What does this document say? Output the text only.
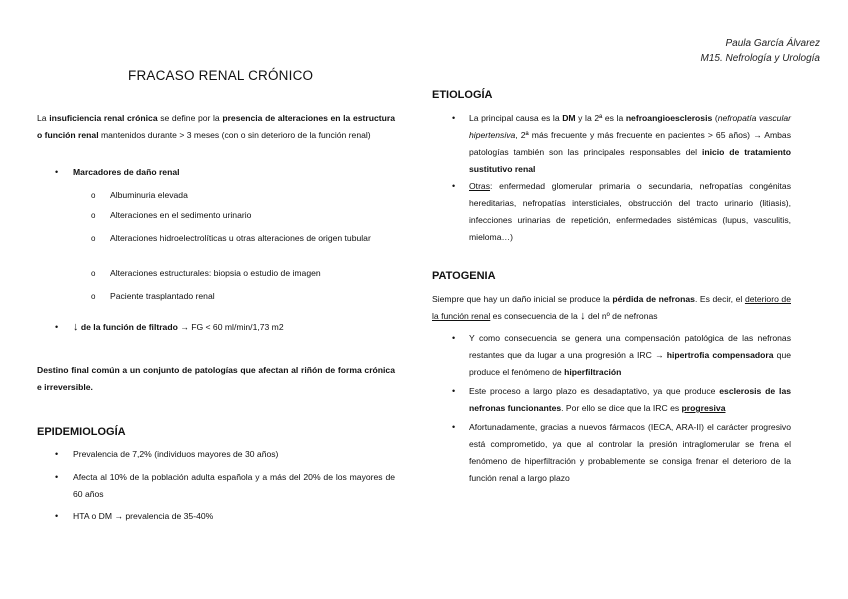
Paula García Álvarez
M15. Nefrología y Urología
FRACASO RENAL CRÓNICO
La insuficiencia renal crónica se define por la presencia de alteraciones en la estructura o función renal mantenidos durante > 3 meses (con o sin deterioro de la función renal)
• Marcadores de daño renal
o Albuminuria elevada
o Alteraciones en el sedimento urinario
o Alteraciones hidroelectrolíticas u otras alteraciones de origen tubular
o Alteraciones estructurales: biopsia o estudio de imagen
o Paciente trasplantado renal
• ↓ de la función de filtrado → FG < 60 ml/min/1,73 m2
Destino final común a un conjunto de patologías que afectan al riñón de forma crónica e irreversible.
EPIDEMIOLOGÍA
• Prevalencia de 7,2% (individuos mayores de 30 años)
• Afecta al 10% de la población adulta española y a más del 20% de los mayores de 60 años
• HTA o DM → prevalencia de 35-40%
ETIOLOGÍA
• La principal causa es la DM y la 2ª es la nefroangioesclerosis (nefropatía vascular hipertensiva, 2ª más frecuente y más frecuente en pacientes > 65 años) → Ambas patologías también son las principales responsables del inicio de tratamiento sustitutivo renal
• Otras: enfermedad glomerular primaria o secundaria, nefropatías congénitas hereditarias, nefropatías intersticiales, obstrucción del tracto urinario (litiasis), infecciones urinarias de repetición, enfermedades sistémicas (lupus, vasculitis, mieloma…)
PATOGENIA
Siempre que hay un daño inicial se produce la pérdida de nefronas. Es decir, el deterioro de la función renal es consecuencia de la ↓ del nº de nefronas
• Y como consecuencia se genera una compensación patológica de las nefronas restantes que da lugar a una progresión a IRC → hipertrofia compensadora que produce el fenómeno de hiperfiltración
• Este proceso a largo plazo es desadaptativo, ya que produce esclerosis de las nefronas funcionantes. Por ello se dice que la IRC es progresiva
• Afortunadamente, gracias a nuevos fármacos (IECA, ARA-II) el carácter progresivo está comprometido, ya que al controlar la presión intraglomerular se frena el fenómeno de hiperfiltración y probablemente se consiga frenar el deterioro de la función renal a largo plazo
